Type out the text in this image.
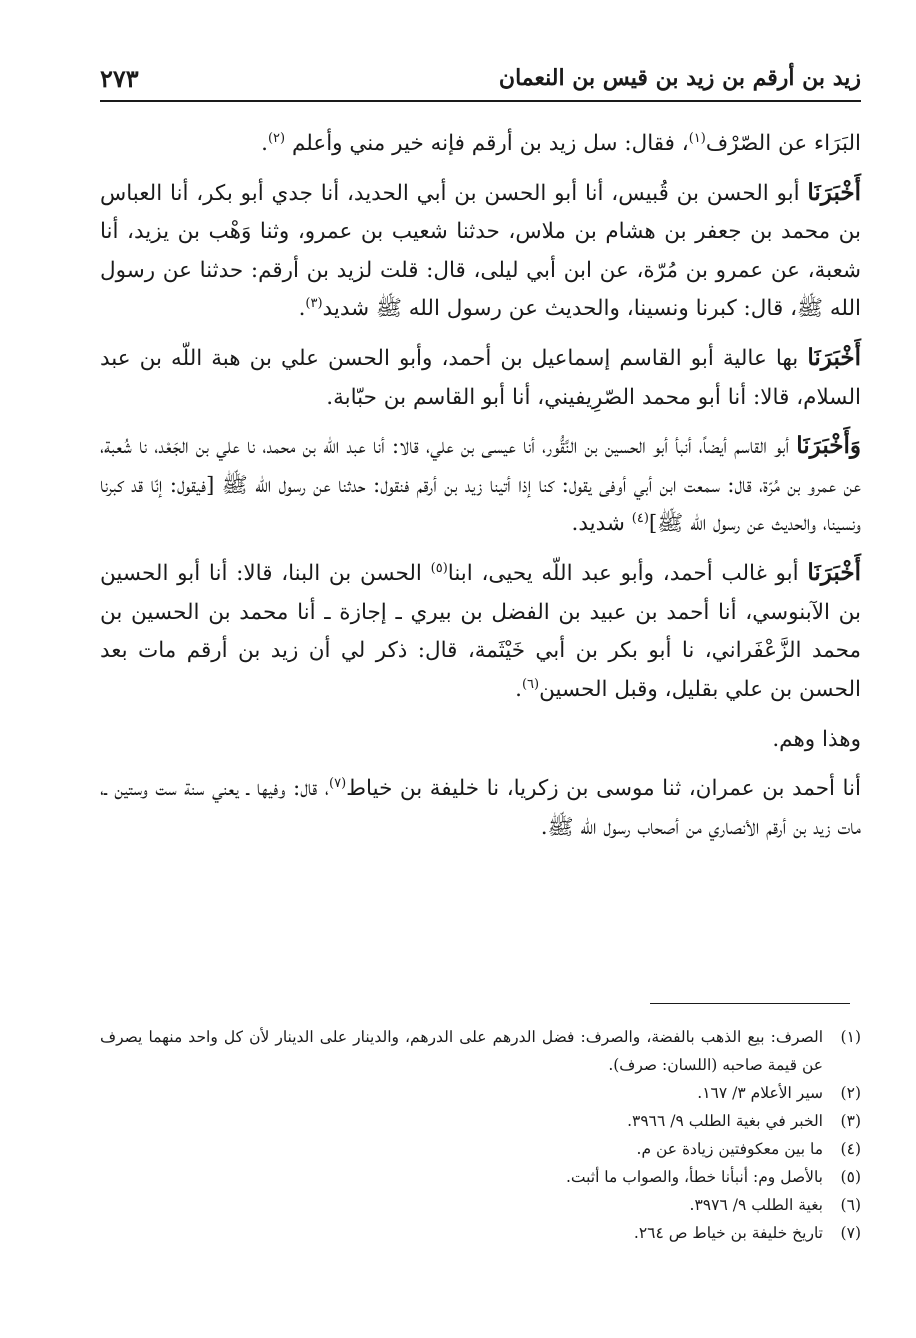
زيد بن أرقم بن زيد بن قيس بن النعمان
٢٧٣

البَرَاء عن الصّرْف$^{(١)}$، فقال: سل زيد بن أرقم فإنه خير مني وأعلم $^{(٢)}$.

أَخْبَرَنَا أبو الحسن بن قُبيس، أنا أبو الحسن بن أبي الحديد، أنا جدي أبو بكر، أنا العباس بن محمد بن جعفر بن هشام بن ملاس، حدثنا شعيب بن عمرو، وثنا وَهْب بن يزيد، أنا شعبة، عن عمرو بن مُرّة، عن ابن أبي ليلى، قال: قلت لزيد بن أرقم: حدثنا عن رسول الله ﷺ، قال: كبرنا ونسينا، والحديث عن رسول الله ﷺ شديد$^{(٣)}$.

أَخْبَرَنَا بها عالية أبو القاسم إسماعيل بن أحمد، وأبو الحسن علي بن هبة اللّه بن عبد السلام، قالا: أنا أبو محمد الصّرِيفيني، أنا أبو القاسم بن حبّابة.

وَأَخْبَرَنَا أبو القاسم أيضاً، أنبأ أبو الحسين بن النَّقُّور، أنا عيسى بن علي، قالا: أنا عبد اللّه بن محمد، نا علي بن الجَعْد، نا شُعبة، عن عمرو بن مُرّة، قال: سمعت ابن أبي أوفى يقول: كنا إذا أتينا زيد بن أرقم فنقول: حدثنا عن رسول الله ﷺ [فيقول: إنّا قد كبرنا ونسينا، والحديث عن رسول الله ﷺ]$^{(٤)}$ شديد.

أَخْبَرَنَا أبو غالب أحمد، وأبو عبد اللّه يحيى، ابنا$^{(٥)}$ الحسن بن البنا، قالا: أنا أبو الحسين بن الآبنوسي، أنا أحمد بن عبيد بن الفضل بن بيري ـ إجازة ـ أنا محمد بن الحسين بن محمد الزَّعْفَراني، نا أبو بكر بن أبي خَيْثَمة، قال: ذكر لي أن زيد بن أرقم مات بعد الحسن بن علي بقليل، وقبل الحسين$^{(٦)}$.

وهذا وهم.

أنا أحمد بن عمران، ثنا موسى بن زكريا، نا خليفة بن خياط$^{(٧)}$، قال: وفيها ـ يعني سنة ست وستين ـ، مات زيد بن أرقم الأنصاري من أصحاب رسول الله ﷺ.

(١)
الصرف: بيع الذهب بالفضة، والصرف: فضل الدرهم على الدرهم، والدينار على الدينار لأن كل واحد منهما يصرف عن قيمة صاحبه (اللسان: صرف).
(٢)
سير الأعلام ٣/ ١٦٧.
(٣)
الخبر في بغية الطلب ٩/ ٣٩٦٦.
(٤)
ما بين معكوفتين زيادة عن م.
(٥)
بالأصل وم: أنبأنا خطأ، والصواب ما أثبت.
(٦)
بغية الطلب ٩/ ٣٩٧٦.
(٧)
تاريخ خليفة بن خياط ص ٢٦٤.
